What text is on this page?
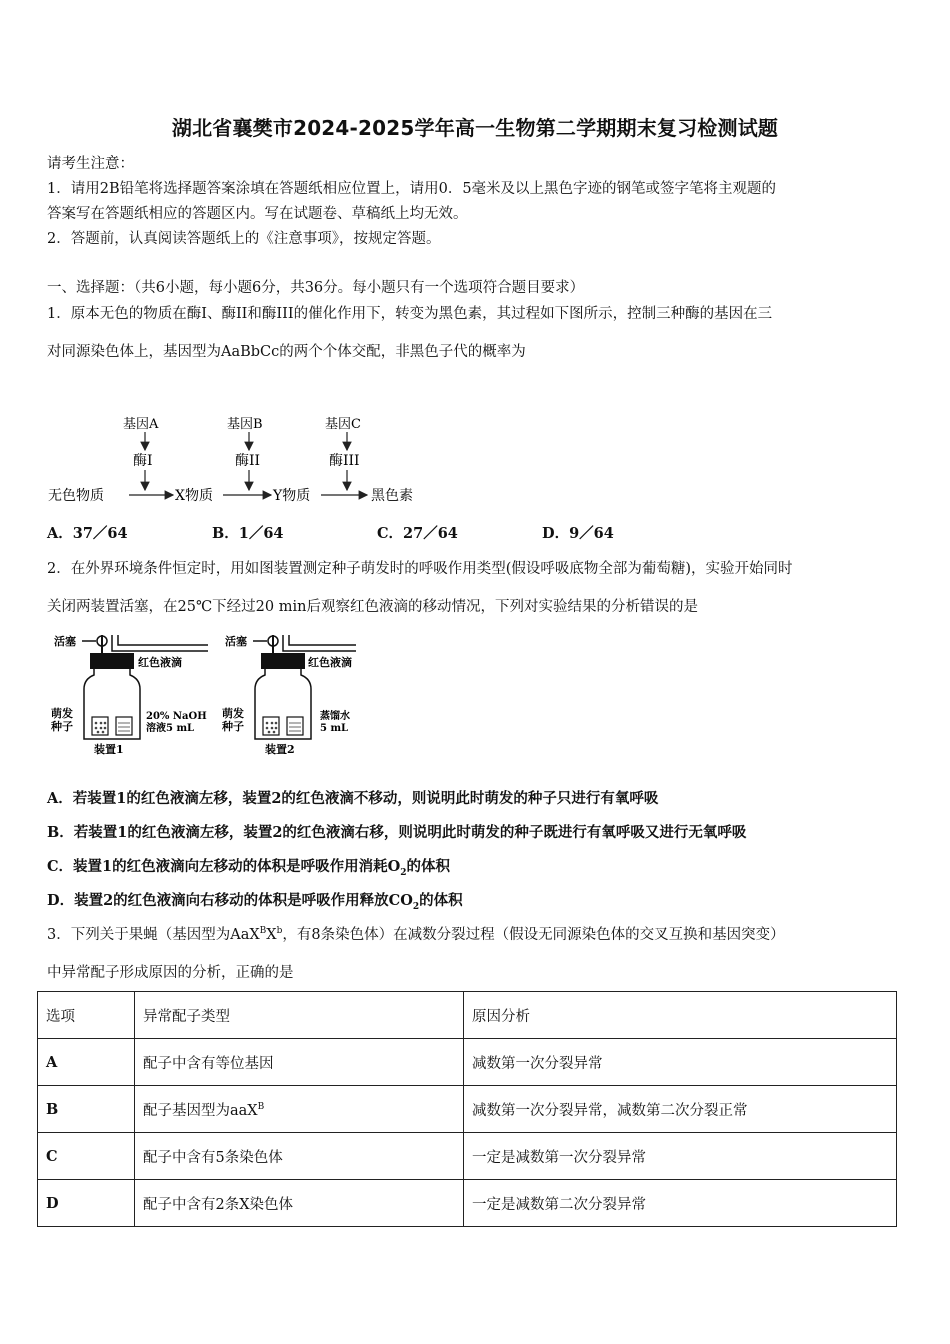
湖北省襄樊市2024-2025学年高一生物第二学期期末复习检测试题
请考生注意：
1．请用2B铅笔将选择题答案涂填在答题纸相应位置上，请用0．5毫米及以上黑色字迹的钢笔或签字笔将主观题的
答案写在答题纸相应的答题区内。写在试题卷、草稿纸上均无效。
2．答题前，认真阅读答题纸上的《注意事项》，按规定答题。
一、选择题：（共6小题，每小题6分，共36分。每小题只有一个选项符合题目要求）
1．原本无色的物质在酶Ⅰ、酶II和酶III的催化作用下，转变为黑色素，其过程如下图所示，控制三种酶的基因在三
对同源染色体上，基因型为AaBbCc的两个个体交配，非黑色子代的概率为
基因A	基因B	基因C
酶Ⅰ	酶II	酶III
无色物质	X物质	Y物质	黑色素
A．37／64	B．1／64	C．27／64	D．9／64
2．在外界环境条件恒定时，用如图装置测定种子萌发时的呼吸作用类型(假设呼吸底物全部为葡萄糖)，实验开始同时
关闭两装置活塞，在25℃下经过20 min后观察红色液滴的移动情况，下列对实验结果的分析错误的是
活塞
红色液滴
萌发
种子
20% NaOH
溶液5 mL
装置1
活塞
红色液滴
萌发
种子
蒸馏水
5 mL
装置2
A．若装置1的红色液滴左移，装置2的红色液滴不移动，则说明此时萌发的种子只进行有氧呼吸
B．若装置1的红色液滴左移，装置2的红色液滴右移，则说明此时萌发的种子既进行有氧呼吸又进行无氧呼吸
C．装置1的红色液滴向左移动的体积是呼吸作用消耗$O_2$的体积
D．装置2的红色液滴向右移动的体积是呼吸作用释放$CO_2$的体积
3．下列关于果蝇（基因型为$AaX^BX^b$，有8条染色体）在减数分裂过程（假设无同源染色体的交叉互换和基因突变）
中异常配子形成原因的分析，正确的是
选项	异常配子类型	原因分析
A	配子中含有等位基因	减数第一次分裂异常
B	配子基因型为aaX$^B$	减数第一次分裂异常，减数第二次分裂正常
C	配子中含有5条染色体	一定是减数第一次分裂异常
D	配子中含有2条X染色体	一定是减数第二次分裂异常
